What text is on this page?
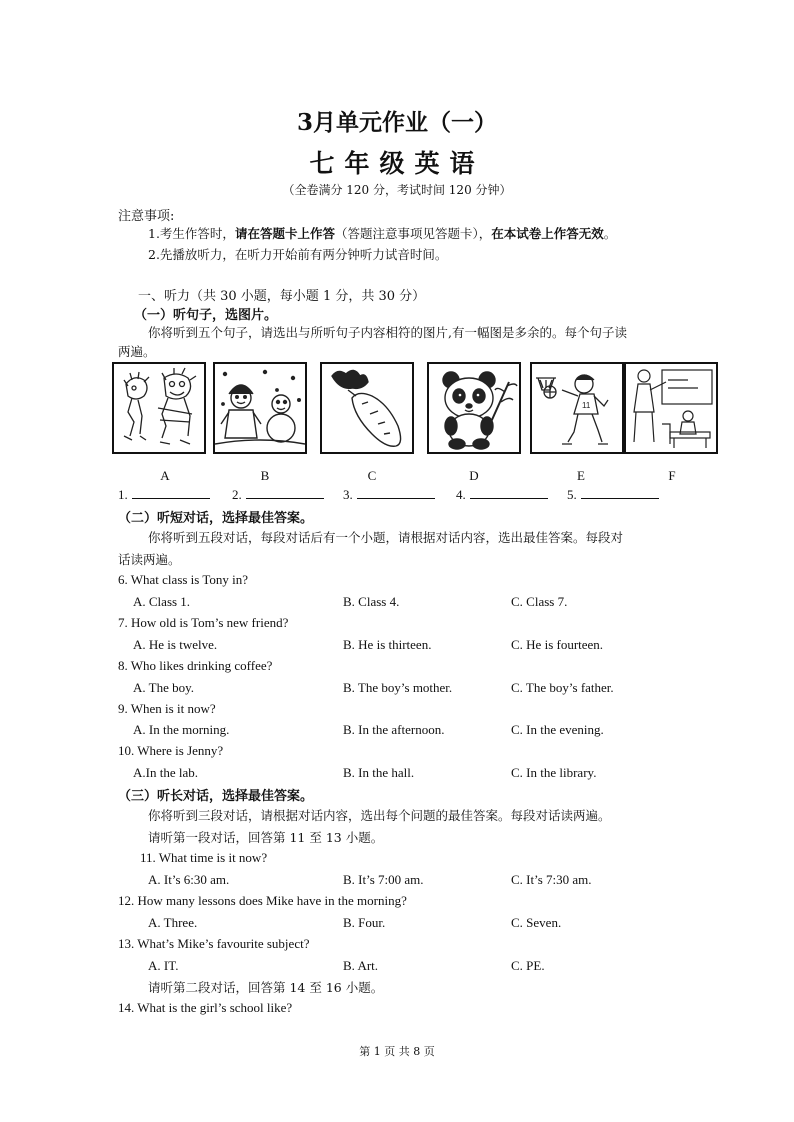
3月单元作业（一）
七年级英语
（全卷满分 120 分，考试时间 120 分钟）
注意事项:
1.考生作答时，请在答题卡上作答（答题注意事项见答题卡），在本试卷上作答无效。
2.先播放听力，在听力开始前有两分钟听力试音时间。
一、听力（共 30 小题，每小题 1 分，共 30 分）
（一）听句子，选图片。
你将听到五个句子，请选出与所听句子内容相符的图片,有一幅图是多余的。每个句子读
两遍。
11
A	B	C	D	E	F
1.	2.	3.	4.	5.
（二）听短对话，选择最佳答案。
你将听到五段对话，每段对话后有一个小题，请根据对话内容，选出最佳答案。每段对
话读两遍。
6. What class is Tony in?
A. Class 1.	B. Class 4.	C. Class 7.
7. How old is Tom’s new friend?
A. He is twelve.	B. He is thirteen.	C. He is fourteen.
8. Who likes drinking coffee?
A. The boy.	B. The boy’s mother.	C. The boy’s father.
9. When is it now?
A. In the morning.	B. In the afternoon.	C. In the evening.
10. Where is Jenny?
A.In the lab.	B. In the hall.	C. In the library.
（三）听长对话，选择最佳答案。
你将听到三段对话，请根据对话内容，选出每个问题的最佳答案。每段对话读两遍。
请听第一段对话，回答第 11 至 13 小题。
11. What time is it now?
A. It’s 6:30 am.	B. It’s 7:00 am.	C. It’s 7:30 am.
12. How many lessons does Mike have in the morning?
A. Three.	B. Four.	C. Seven.
13. What’s Mike’s favourite subject?
A. IT.	B. Art.	C. PE.
请听第二段对话，回答第 14 至 16 小题。
14. What is the girl’s school like?
第 1 页 共 8 页
